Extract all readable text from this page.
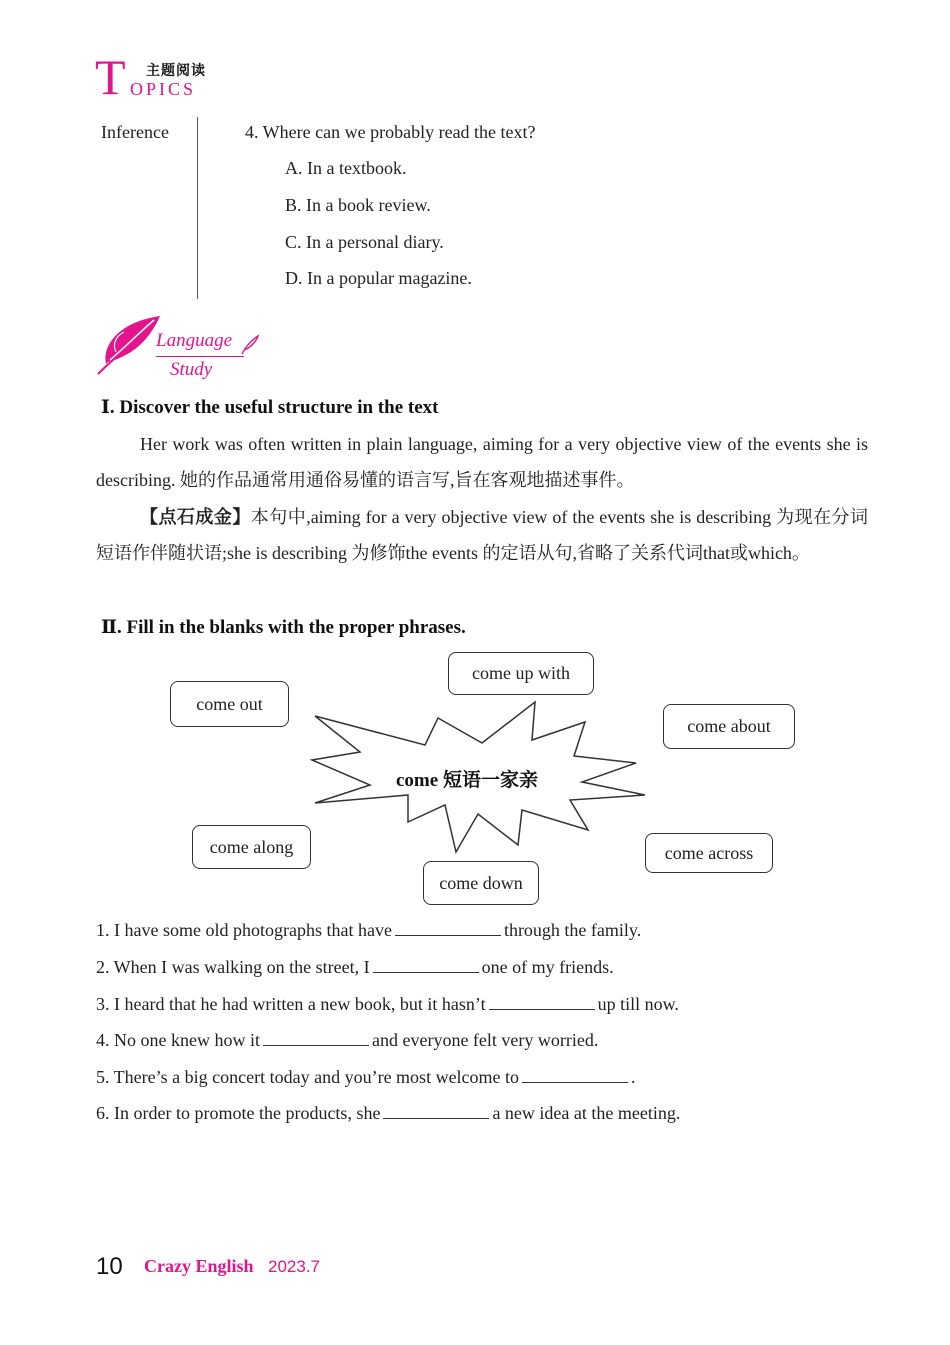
T 主题阅读
OPICS
Inference	4. Where can we probably read the text?
A. In a textbook.
B. In a book review.
C. In a personal diary.
D. In a popular magazine.
Language
Study
Ⅰ. Discover the useful structure in the text
Her work was often written in plain language, aiming for a very objective view of the events she is describing. 她的作品通常用通俗易懂的语言写,旨在客观地描述事件。
【点石成金】本句中,aiming for a very objective view of the events she is describing 为现在分词短语作伴随状语;she is describing 为修饰the events 的定语从句,省略了关系代词that或which。
Ⅱ. Fill in the blanks with the proper phrases.
come 短语一家亲
come up with
come out
come about
come along	come across
come down
1. I have some old photographs that have	through the family.
2. When I was walking on the street, I	one of my friends.
3. I heard that he had written a new book, but it hasn’t	up till now.
4. No one knew how it	and everyone felt very worried.
5. There’s a big concert today and you’re most welcome to	.
6. In order to promote the products, she	a new idea at the meeting.
10 Crazy English 2023.7
